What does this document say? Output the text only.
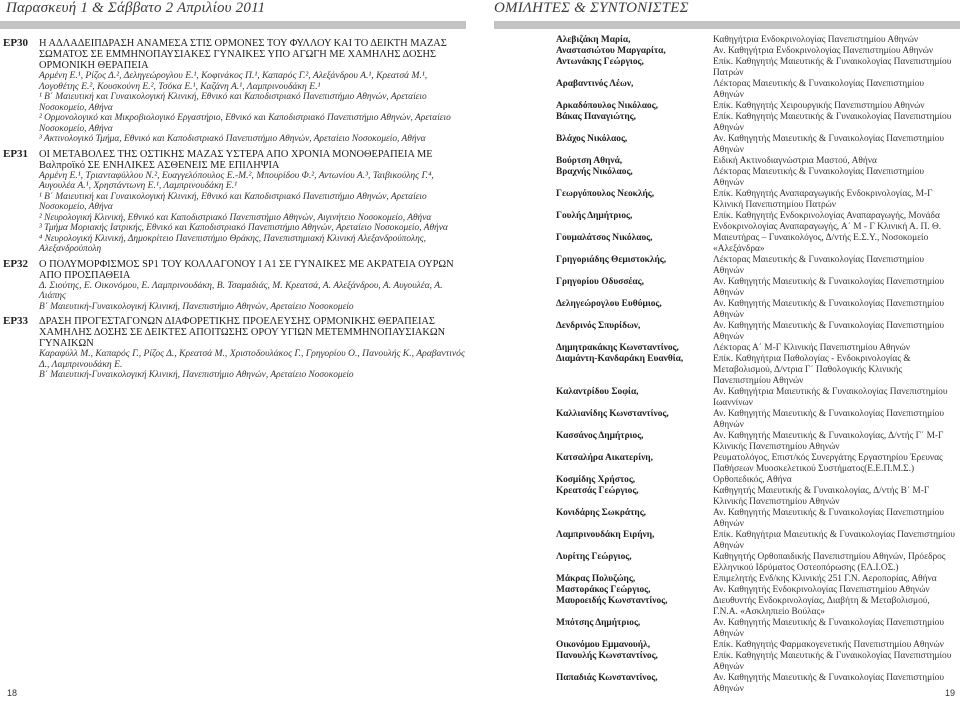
Παρασκευή 1 & Σάββατο 2 Απριλίου 2011	ΟΜΙΛΗΤΕΣ & ΣΥΝΤΟΝΙΣΤΕΣ
ΕΡ30	Η ΑΔΛΑΔΕΙΠΔΡΑΣΗ ΑΝΑΜΕΣΑ ΣΤΙΣ ΟΡΜΟΝΕΣ ΤΟΥ ΦΥΛΛΟΥ ΚΑΙ ΤΟ ΔΕΙΚΤΗ ΜΑΖΑΣ ΣΩΜΑΤΟΣ ΣΕ ΕΜΜΗΝΟΠΑΥΣΙΑΚΕΣ ΓΥΝΑΙΚΕΣ ΥΠΟ ΑΓΩΓΗ ΜΕ ΧΑΜΗΛΗΣ ΔΟΣΗΣ ΟΡΜΟΝΙΚΗ ΘΕΡΑΠΕΙΑ
Αρμένη Ε.¹, Ρίζος Δ.², Δεληγεώρογλου Ε.¹, Κοφινάκος Π.¹, Καπαρός Γ.², Αλεξάνδρου Α.¹, Κρεατσά Μ.¹, Λογοθέτης Ε.², Κουσκούνη Ε.², Τσόκα Ε.¹, Καζάνη Α.¹, Λαμπρινουδάκη Ε.¹
¹ Β΄ Μαιευτική και Γυναικολογική Κλινική, Εθνικό και Καποδιστριακό Πανεπιστήμιο Αθηνών, Αρεταίειο Νοσοκομείο, Αθήνα
² Ορμονολογικό και Μικροβιολογικό Εργαστήριο, Εθνικό και Καποδιστριακό Πανεπιστήμιο Αθηνών, Αρεταίειο Νοσοκομείο, Αθήνα
³ Ακτινολογικό Τμήμα, Εθνικό και Καποδιστριακό Πανεπιστήμιο Αθηνών, Αρεταίειο Νοσοκομείο, Αθήνα
ΕΡ31	ΟΙ ΜΕΤΑΒΟΛΕΣ ΤΗΣ ΟΣΤΙΚΗΣ ΜΑΖΑΣ ΥΣΤΕΡΑ ΑΠΟ ΧΡΟΝΙΑ ΜΟΝΟΘΕΡΑΠΕΙΑ ΜΕ Βαλπροϊκό ΣΕ ΕΝΗΛΙΚΕΣ ΑΣΘΕΝΕΙΣ ΜΕ ΕΠΙΛΗΨΙΑ
Αρμένη Ε.¹, Τριανταφύλλου Ν.², Ευαγγελόπουλος Ε.-Μ.², Μπουρίδου Φ.², Αντωνίου Α.³, Ταιβικούλης Γ.⁴, Αυγουλέα Α.¹, Χρηστάντωνη Ε.¹, Λαμπρινουδάκη Ε.¹
¹ Β΄ Μαιευτική και Γυναικολογική Κλινική, Εθνικό και Καποδιστριακό Πανεπιστήμιο Αθηνών, Αρεταίειο Νοσοκομείο, Αθήνα
² Νευρολογική Κλινική, Εθνικό και Καποδιστριακό Πανεπιστήμιο Αθηνών, Αιγινήτειο Νοσοκομείο, Αθήνα
³ Τμήμα Μοριακής Ιατρικής, Εθνικό και Καποδιστριακό Πανεπιστήμιο Αθηνών, Αρεταίειο Νοσοκομείο, Αθήνα
⁴ Νευρολογική Κλινική, Δημοκρίτειο Πανεπιστήμιο Θράκης, Πανεπιστημιακή Κλινική Αλεξανδρούπολης, Αλεξανδρούπολη
ΕΡ32	Ο ΠΟΛΥΜΟΡΦΙΣΜΟΣ SP1 ΤΟΥ ΚΟΛΛΑΓΟΝΟΥ Ι Α1 ΣΕ ΓΥΝΑΙΚΕΣ ΜΕ ΑΚΡΑΤΕΙΑ ΟΥΡΩΝ ΑΠΟ ΠΡΟΣΠΑΘΕΙΑ
Δ. Σιούτης, Ε. Οικονόμου, Ε. Λαμπρινουδάκη, Β. Τσαμαδιάς, Μ. Κρεατσά, Α. Αλεξάνδρου, Α. Αυγουλέα, Α. Λιάπης
Β΄ Μαιευτική-Γυναικολογική Κλινική, Πανεπιστήμιο Αθηνών, Αρεταίειο Νοσοκομείο
ΕΡ33	ΔΡΑΣΗ ΠΡΟΓΕΣΤΑΓΟΝΩΝ ΔΙΑΦΟΡΕΤΙΚΗΣ ΠΡΟΕΛΕΥΣΗΣ ΟΡΜΟΝΙΚΗΣ ΘΕΡΑΠΕΙΑΣ ΧΑΜΗΛΗΣ ΔΟΣΗΣ ΣΕ ΔΕΙΚΤΕΣ ΑΠΟΙΤΩΣΗΣ ΟΡΟΥ ΥΓΙΩΝ ΜΕΤΕΜΜΗΝΟΠΑΥΣΙΑΚΩΝ ΓΥΝΑΙΚΩΝ
Καραφύλλ Μ., Καπαρός Γ., Ρίζος Δ., Κρεατσά Μ., Χριστοδουλάκος Γ., Γρηγορίου Ο., Πανουλής Κ., Αραβαντινός Δ., Λαμπρινουδάκη Ε.
Β΄ Μαιευτική-Γυναικολογική Κλινική, Πανεπιστήμιο Αθηνών, Αρεταίειο Νοσοκομείο
Αλεβιζάκη Μαρία,	Καθηγήτρια Ενδοκρινολογίας Πανεπιστημίου Αθηνών
Αναστασιώτου Μαργαρίτα,	Αν. Καθηγήτρια Ενδοκρινολογίας Πανεπιστημίου Αθηνών
Αντωνάκης Γεώργιος,	Επίκ. Καθηγητής Μαιευτικής & Γυναικολογίας Πανεπιστημίου Πατρών
Αραβαντινός Λέων,	Λέκτορας Μαιευτικής & Γυναικολογίας Πανεπιστημίου Αθηνών
Αρκαδόπουλος Νικόλαος,	Επίκ. Καθηγητής Χειρουργικής Πανεπιστημίου Αθηνών
Βάκας Παναγιώτης,	Επίκ. Καθηγητής Μαιευτικής & Γυναικολογίας Πανεπιστημίου Αθηνών
Βλάχος Νικόλαος,	Αν. Καθηγητής Μαιευτικής & Γυναικολογίας Πανεπιστημίου Αθηνών
Βούρτση Αθηνά,	Ειδική Ακτινοδιαγνώστρια Μαστού, Αθήνα
Βραχνής Νικόλαος,	Λέκτορας Μαιευτικής & Γυναικολογίας Πανεπιστημίου Αθηνών
Γεωργόπουλος Νεοκλής,	Επίκ. Καθηγητής Αναπαραγωγικής Ενδοκρινολογίας, Μ-Γ Κλινική Πανεπιστημίου Πατρών
Γουλής Δημήτριος,	Επίκ. Καθηγητής Ενδοκρινολογίας Αναπαραγωγής, Μονάδα Ενδοκρινολογίας Αναπαραγωγής, Α΄ Μ - Γ Κλινική Α. Π. Θ.
Γουμαλάτσος Νικόλαος,	Μαιευτήρας – Γυναικολόγος, Δ/ντής Ε.Σ.Υ., Νοσοκομείο «Αλεξάνδρα»
Γρηγοριάδης Θεμιστοκλής,	Λέκτορας Μαιευτικής & Γυναικολογίας Πανεπιστημίου Αθηνών
Γρηγορίου Οδυσσέας,	Αν. Καθηγητής Μαιευτικής & Γυναικολογίας Πανεπιστημίου Αθηνών
Δεληγεώρογλου Ευθύμιος,	Αν. Καθηγητής Μαιευτικής & Γυναικολογίας Πανεπιστημίου Αθηνών
Δενδρινός Σπυρίδων,	Αν. Καθηγητής Μαιευτικής & Γυναικολογίας Πανεπιστημίου Αθηνών
Δημητρακάκης Κωνσταντίνος,	Λέκτορας Α΄ Μ-Γ Κλινικής Πανεπιστημίου Αθηνών
Διαμάντη-Κανδαράκη Ευανθία,	Επίκ. Καθηγήτρια Παθολογίας - Ενδοκρινολογίας & Μεταβολισμού, Δ/ντρια Γ΄ Παθολογικής Κλινικής Πανεπιστημίου Αθηνών
Καλαντρίδου Σοφία,	Αν. Καθηγήτρια Μαιευτικής & Γυναικολογίας Πανεπιστημίου Ιωαννίνων
Καλλιανίδης Κωνσταντίνος,	Αν. Καθηγητής Μαιευτικής & Γυναικολογίας Πανεπιστημίου Αθηνών
Κασσάνος Δημήτριος,	Αν. Καθηγητής Μαιευτικής & Γυναικολογίας, Δ/ντής Γ΄ Μ-Γ Κλινικής Πανεπιστημίου Αθηνών
Κατσαλήρα Αικατερίνη,	Ρευματολόγος, Επιστ/κός Συνεργάτης Εργαστηρίου Έρευνας Παθήσεων Μυοσκελετικού Συστήματος(Ε.Ε.Π.Μ.Σ.)
Κοσμίδης Χρήστος,	Ορθοπεδικός, Αθήνα
Κρεατσάς Γεώργιος,	Καθηγητής Μαιευτικής & Γυναικολογίας, Δ/ντής Β΄ Μ-Γ Κλινικής Πανεπιστημίου Αθηνών
Κονιδάρης Σωκράτης,	Αν. Καθηγητής Μαιευτικής & Γυναικολογίας Πανεπιστημίου Αθηνών
Λαμπρινουδάκη Ειρήνη,	Επίκ. Καθηγήτρια Μαιευτικής & Γυναικολογίας Πανεπιστημίου Αθηνών
Λυρίτης Γεώργιος,	Καθηγητής Ορθοπαιδικής Πανεπιστημίου Αθηνών, Πρόεδρος Ελληνικού Ιδρύματος Οστεοπόρωσης (ΕΛ.Ι.ΟΣ.)
Μάκρας Πολυζώης,	Επιμελητής Ενδ/κης Κλινικής 251 Γ.Ν. Αεροπορίας, Αθήνα
Μαστοράκος Γεώργιος,	Αν. Καθηγητής Ενδοκρινολογίας Πανεπιστημίου Αθηνών
Μαυροειδής Κωνσταντίνος,	Διευθυντής Ενδοκρινολογίας, Διαβήτη & Μεταβολισμού, Γ.Ν.Α. «Ασκληπιείο Βούλας»
Μπότσης Δημήτριος,	Αν. Καθηγητής Μαιευτικής & Γυναικολογίας Πανεπιστημίου Αθηνών
Οικονόμου Εμμανουήλ,	Επίκ. Καθηγητής Φαρμακογενετικής Πανεπιστημίου Αθηνών
Πανουλής Κωνσταντίνος,	Επίκ. Καθηγητής Μαιευτικής & Γυναικολογίας Πανεπιστημίου Αθηνών
Παπαδιάς Κωνσταντίνος,	Αν. Καθηγητής Μαιευτικής & Γυναικολογίας Πανεπιστημίου Αθηνών
18	19
